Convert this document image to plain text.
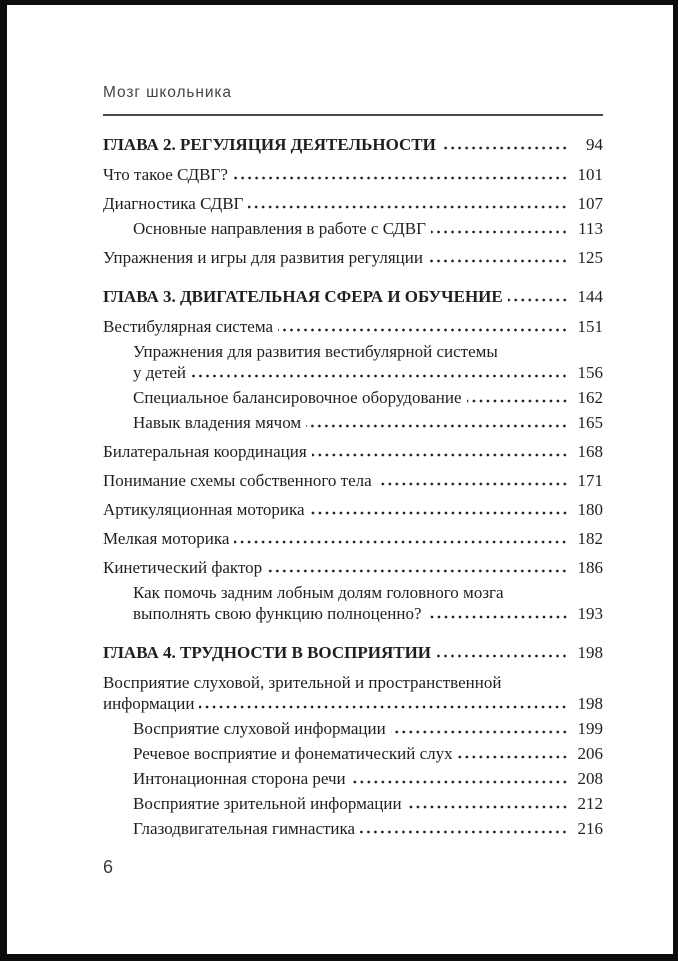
Мозг школьника
ГЛАВА 2. РЕГУЛЯЦИЯ ДЕЯТЕЛЬНОСТИ	94
Что такое СДВГ?	101
Диагностика СДВГ	107
Основные направления в работе с СДВГ	113
Упражнения и игры для развития регуляции	125
ГЛАВА 3. ДВИГАТЕЛЬНАЯ СФЕРА И ОБУЧЕНИЕ	144
Вестибулярная система	151
Упражнения для развития вестибулярной системы
у детей	156
Специальное балансировочное оборудование	162
Навык владения мячом	165
Билатеральная координация	168
Понимание схемы собственного тела	171
Артикуляционная моторика	180
Мелкая моторика	182
Кинетический фактор	186
Как помочь задним лобным долям головного мозга
выполнять свою функцию полноценно?	193
ГЛАВА 4. ТРУДНОСТИ В ВОСПРИЯТИИ	198
Восприятие слуховой, зрительной и пространственной
информации	198
Восприятие слуховой информации	199
Речевое восприятие и фонематический слух	206
Интонационная сторона речи	208
Восприятие зрительной информации	212
Глазодвигательная гимнастика	216
6
